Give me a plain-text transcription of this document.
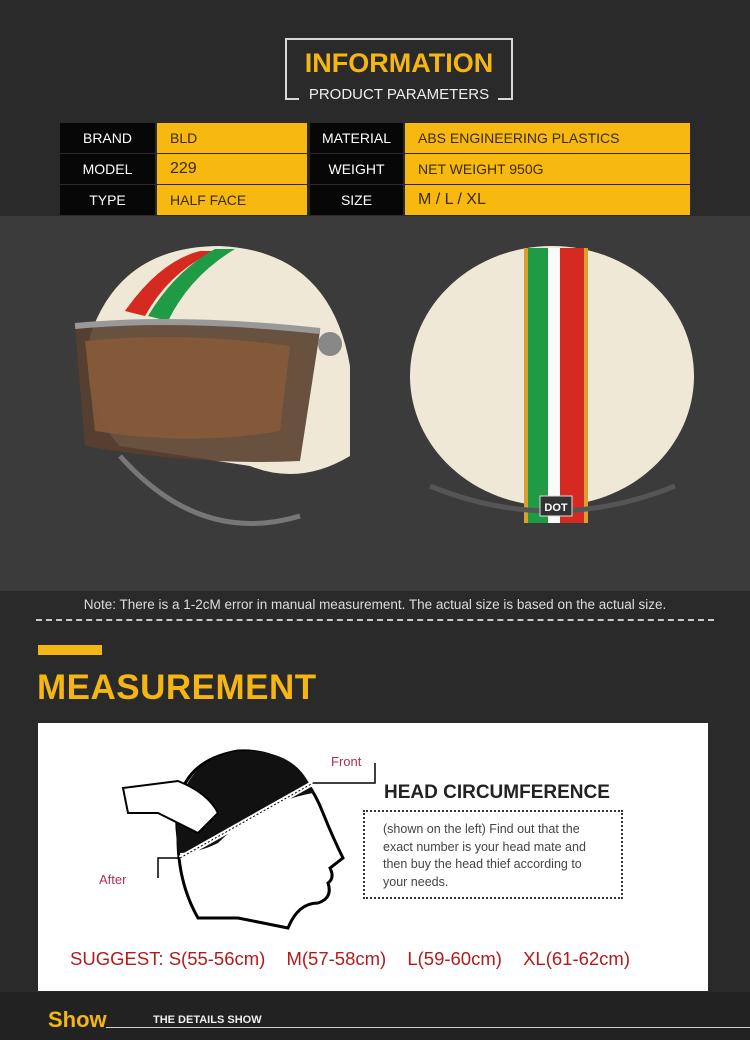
INFORMATION
PRODUCT PARAMETERS
BRAND	BLD	MATERIAL	ABS ENGINEERING PLASTICS
MODEL	229	WEIGHT	NET WEIGHT 950G
TYPE	HALF FACE	SIZE	M / L / XL
DOT
Note: There is a 1-2cM error in manual measurement. The actual size is based on the actual size.
MEASUREMENT
Front
After
HEAD CIRCUMFERENCE
(shown on the left) Find out that the exact number is your head mate and then buy the head thief according to your needs.
SUGGEST: S(55-56cm) M(57-58cm) L(59-60cm) XL(61-62cm)
Show	THE DETAILS SHOW
